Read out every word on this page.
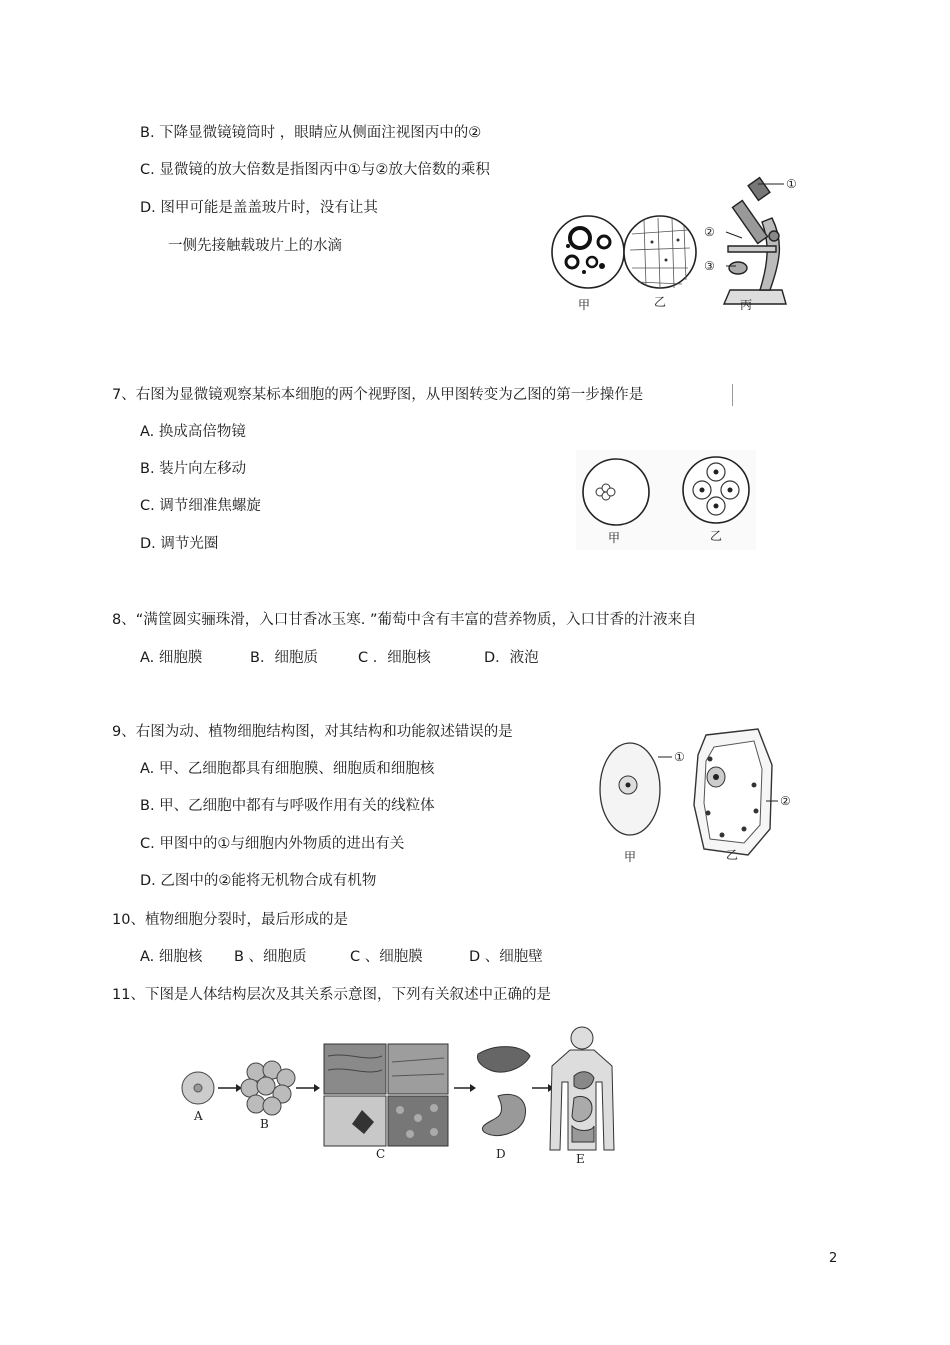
B. 下降显微镜镜筒时 ，眼睛应从侧面注视图丙中的②
C. 显微镜的放大倍数是指图丙中①与②放大倍数的乘积
D. 图甲可能是盖盖玻片时，没有让其
一侧先接触载玻片上的水滴
①
②
③
甲	乙	丙
7、右图为显微镜观察某标本细胞的两个视野图，从甲图转变为乙图的第一步操作是
A. 换成高倍物镜
B. 装片向左移动
C. 调节细准焦螺旋
D. 调节光圈	甲	乙
8、“满筐圆实骊珠滑，入口甘香冰玉寒. ”葡萄中含有丰富的营养物质，入口甘香的汁液来自
A. 细胞膜	B．细胞质	C ．细胞核	D．液泡
9、右图为动、植物细胞结构图，对其结构和功能叙述错误的是
A. 甲、乙细胞都具有细胞膜、细胞质和细胞核
B. 甲、乙细胞中都有与呼吸作用有关的线粒体
C. 甲图中的①与细胞内外物质的进出有关
D. 乙图中的②能将无机物合成有机物
①
②
甲	乙
10、植物细胞分裂时，最后形成的是
A. 细胞核 B 、细胞质	C 、细胞膜	D 、细胞壁
11、下图是人体结构层次及其关系示意图，下列有关叙述中正确的是
A
B
C	D	E
2
